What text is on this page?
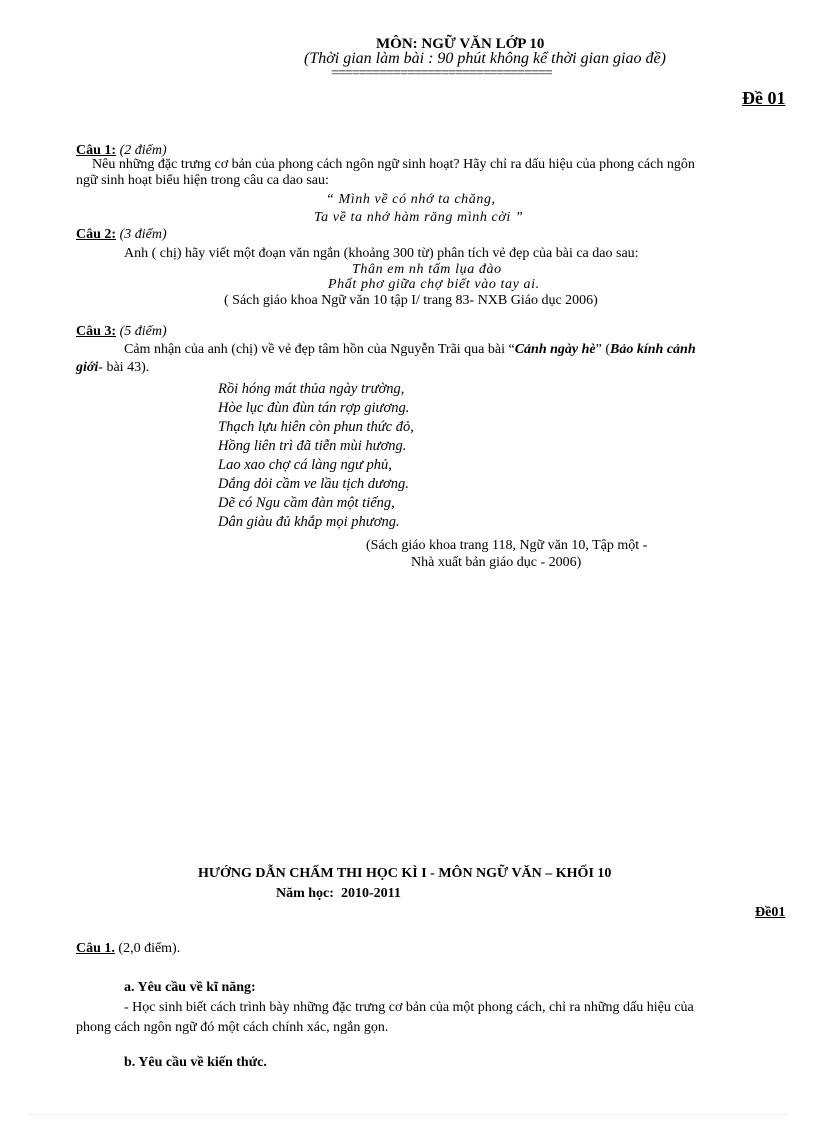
MÔN: NGỮ VĂN LỚP 10
(Thời gian làm bài : 90 phút không kể thời gian giao đề)
================================
Đề 01
Câu 1: (2 điểm)
Nêu những đặc trưng cơ bản của phong cách ngôn ngữ sinh hoạt? Hãy chỉ ra dấu hiệu của phong cách ngôn
ngữ sinh hoạt biểu hiện trong câu ca dao sau:
“ Mình về có nhớ ta chăng,
Ta về ta nhớ hàm răng mình cời ”
Câu 2: (3 điểm)
Anh ( chị) hãy viết một đoạn văn ngắn (khoảng 300 từ) phân tích vẻ đẹp của bài ca dao sau:
Thân em nh tấm lụa đào
Phất phơ giữa chợ biết vào tay ai.
( Sách giáo khoa Ngữ văn 10 tập I/ trang 83- NXB Giáo dục 2006)
Câu 3: (5 điểm)
Cảm nhận của anh (chị) về vẻ đẹp tâm hồn của Nguyễn Trãi qua bài “Cảnh ngày hè” (Bảo kính cảnh
giới- bài 43).
Rồi hóng mát thủa ngày trường,
Hòe lục đùn đùn tán rợp giương.
Thạch lựu hiên còn phun thức đỏ,
Hồng liên trì đã tiễn mùi hương.
Lao xao chợ cá làng ngư phủ,
Dắng dỏi cầm ve lầu tịch dương.
Dẽ có Ngu cầm đàn một tiếng,
Dân giàu đủ khắp mọi phương.
(Sách giáo khoa trang 118, Ngữ văn 10, Tập một -
Nhà xuất bản giáo dục - 2006)
HƯỚNG DẪN CHẤM THI HỌC KÌ I - MÔN NGỮ VĂN – KHỐI 10
Năm học: 2010-2011
Đề01
Câu 1. (2,0 điểm).
a. Yêu cầu về kĩ năng:
- Học sinh biết cách trình bày những đặc trưng cơ bản của một phong cách, chỉ ra những dấu hiệu của
phong cách ngôn ngữ đó một cách chính xác, ngắn gọn.
b. Yêu cầu về kiến thức.
